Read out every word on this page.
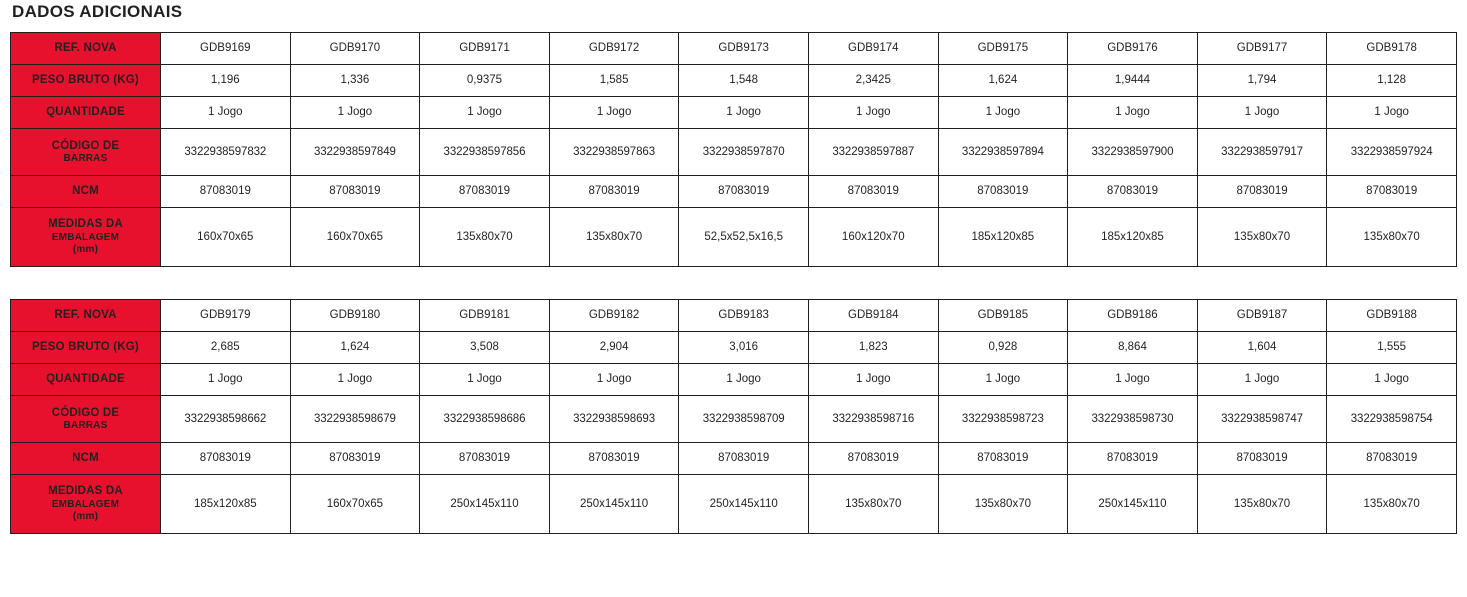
DADOS ADICIONAIS
REF. NOVA	GDB9169	GDB9170	GDB9171	GDB9172	GDB9173	GDB9174	GDB9175	GDB9176	GDB9177	GDB9178
PESO BRUTO (KG)	1,196	1,336	0,9375	1,585	1,548	2,3425	1,624	1,9444	1,794	1,128
QUANTIDADE	1 Jogo	1 Jogo	1 Jogo	1 Jogo	1 Jogo	1 Jogo	1 Jogo	1 Jogo	1 Jogo	1 Jogo
CÓDIGO DE
BARRAS	3322938597832	3322938597849	3322938597856	3322938597863	3322938597870	3322938597887	3322938597894	3322938597900	3322938597917	3322938597924
NCM	87083019	87083019	87083019	87083019	87083019	87083019	87083019	87083019	87083019	87083019
MEDIDAS DA
EMBALAGEM
(mm)	160x70x65	160x70x65	135x80x70	135x80x70	52,5x52,5x16,5	160x120x70	185x120x85	185x120x85	135x80x70	135x80x70
REF. NOVA	GDB9179	GDB9180	GDB9181	GDB9182	GDB9183	GDB9184	GDB9185	GDB9186	GDB9187	GDB9188
PESO BRUTO (KG)	2,685	1,624	3,508	2,904	3,016	1,823	0,928	8,864	1,604	1,555
QUANTIDADE	1 Jogo	1 Jogo	1 Jogo	1 Jogo	1 Jogo	1 Jogo	1 Jogo	1 Jogo	1 Jogo	1 Jogo
CÓDIGO DE
BARRAS	3322938598662	3322938598679	3322938598686	3322938598693	3322938598709	3322938598716	3322938598723	3322938598730	3322938598747	3322938598754
NCM	87083019	87083019	87083019	87083019	87083019	87083019	87083019	87083019	87083019	87083019
MEDIDAS DA
EMBALAGEM
(mm)	185x120x85	160x70x65	250x145x110	250x145x110	250x145x110	135x80x70	135x80x70	250x145x110	135x80x70	135x80x70
